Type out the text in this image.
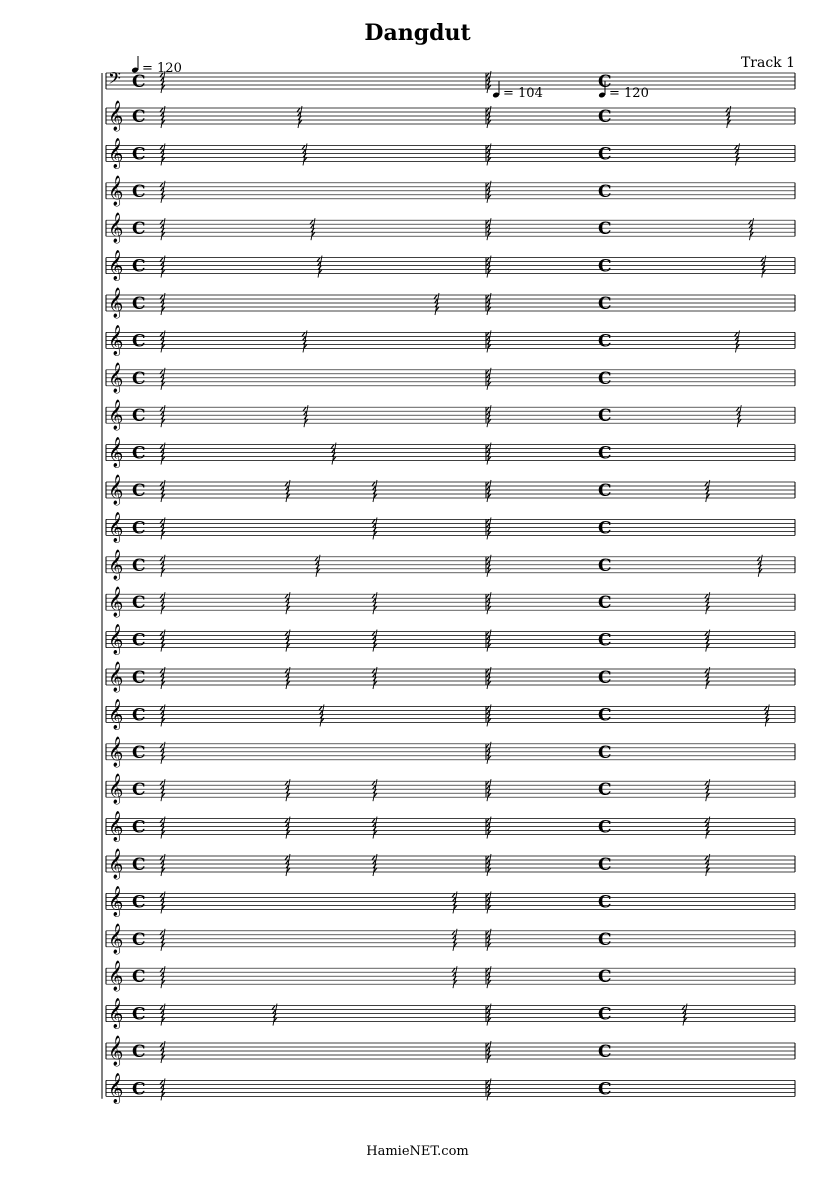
Dangdut
Track 1
𝄢 C	C
𝄞 C	C
𝄞 C	C
𝄞 C	C
𝄞 C	C
𝄞 C	C
𝄞 C	C
𝄞 C	C
𝄞 C	C
𝄞 C	C
𝄞 C	C
𝄞 C	C
𝄞 C	C
𝄞 C	C
𝄞 C	C
𝄞 C	C
𝄞 C	C
𝄞 C	C
𝄞 C	C
𝄞 C	C
𝄞 C	C
𝄞 C	C
𝄞 C	C
𝄞 C	C
𝄞 C	C
𝄞 C	C
𝄞 C	C
𝄞 C	C
= 120
= 104	= 120
HamieNET.com
